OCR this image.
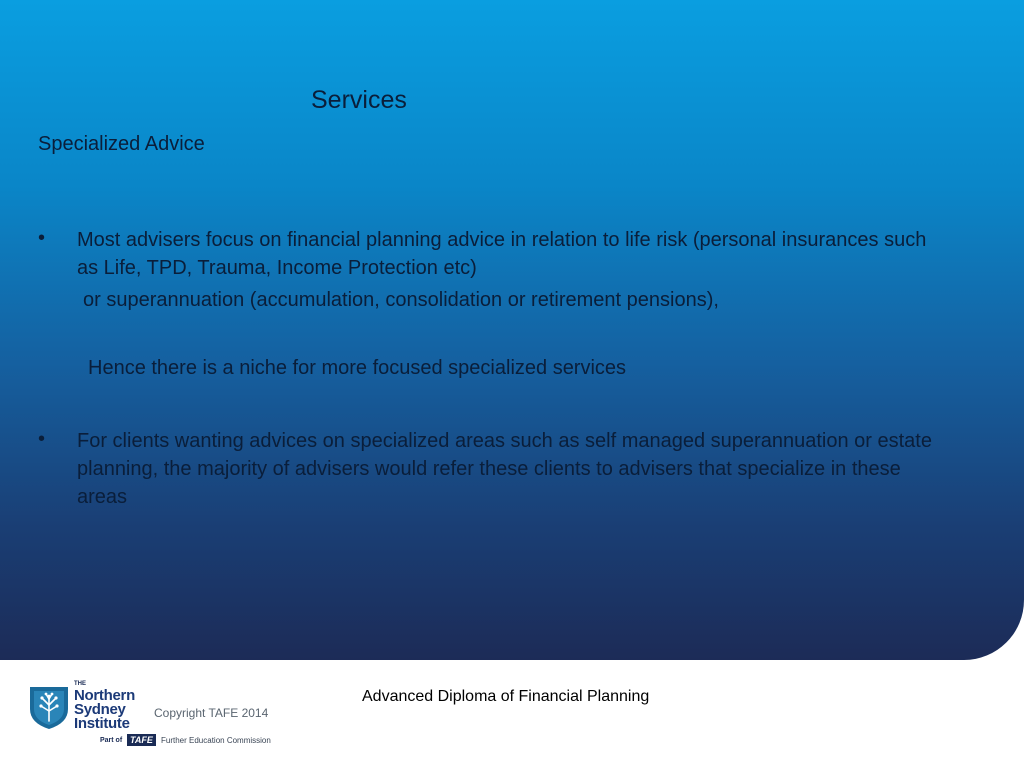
Services
Specialized Advice
• Most advisers focus on financial planning advice in relation to life risk (personal insurances such as Life, TPD, Trauma, Income Protection etc)
or superannuation (accumulation, consolidation or retirement pensions),
Hence there is a niche for more focused specialized services
• For clients wanting advices on specialized areas such as self managed superannuation or estate planning, the majority of advisers would refer these clients to advisers that specialize in these areas
Advanced Diploma of Financial Planning
THE
Northern
Sydney
Institute
Copyright TAFE 2014
Part of TAFE	Further Education Commission
